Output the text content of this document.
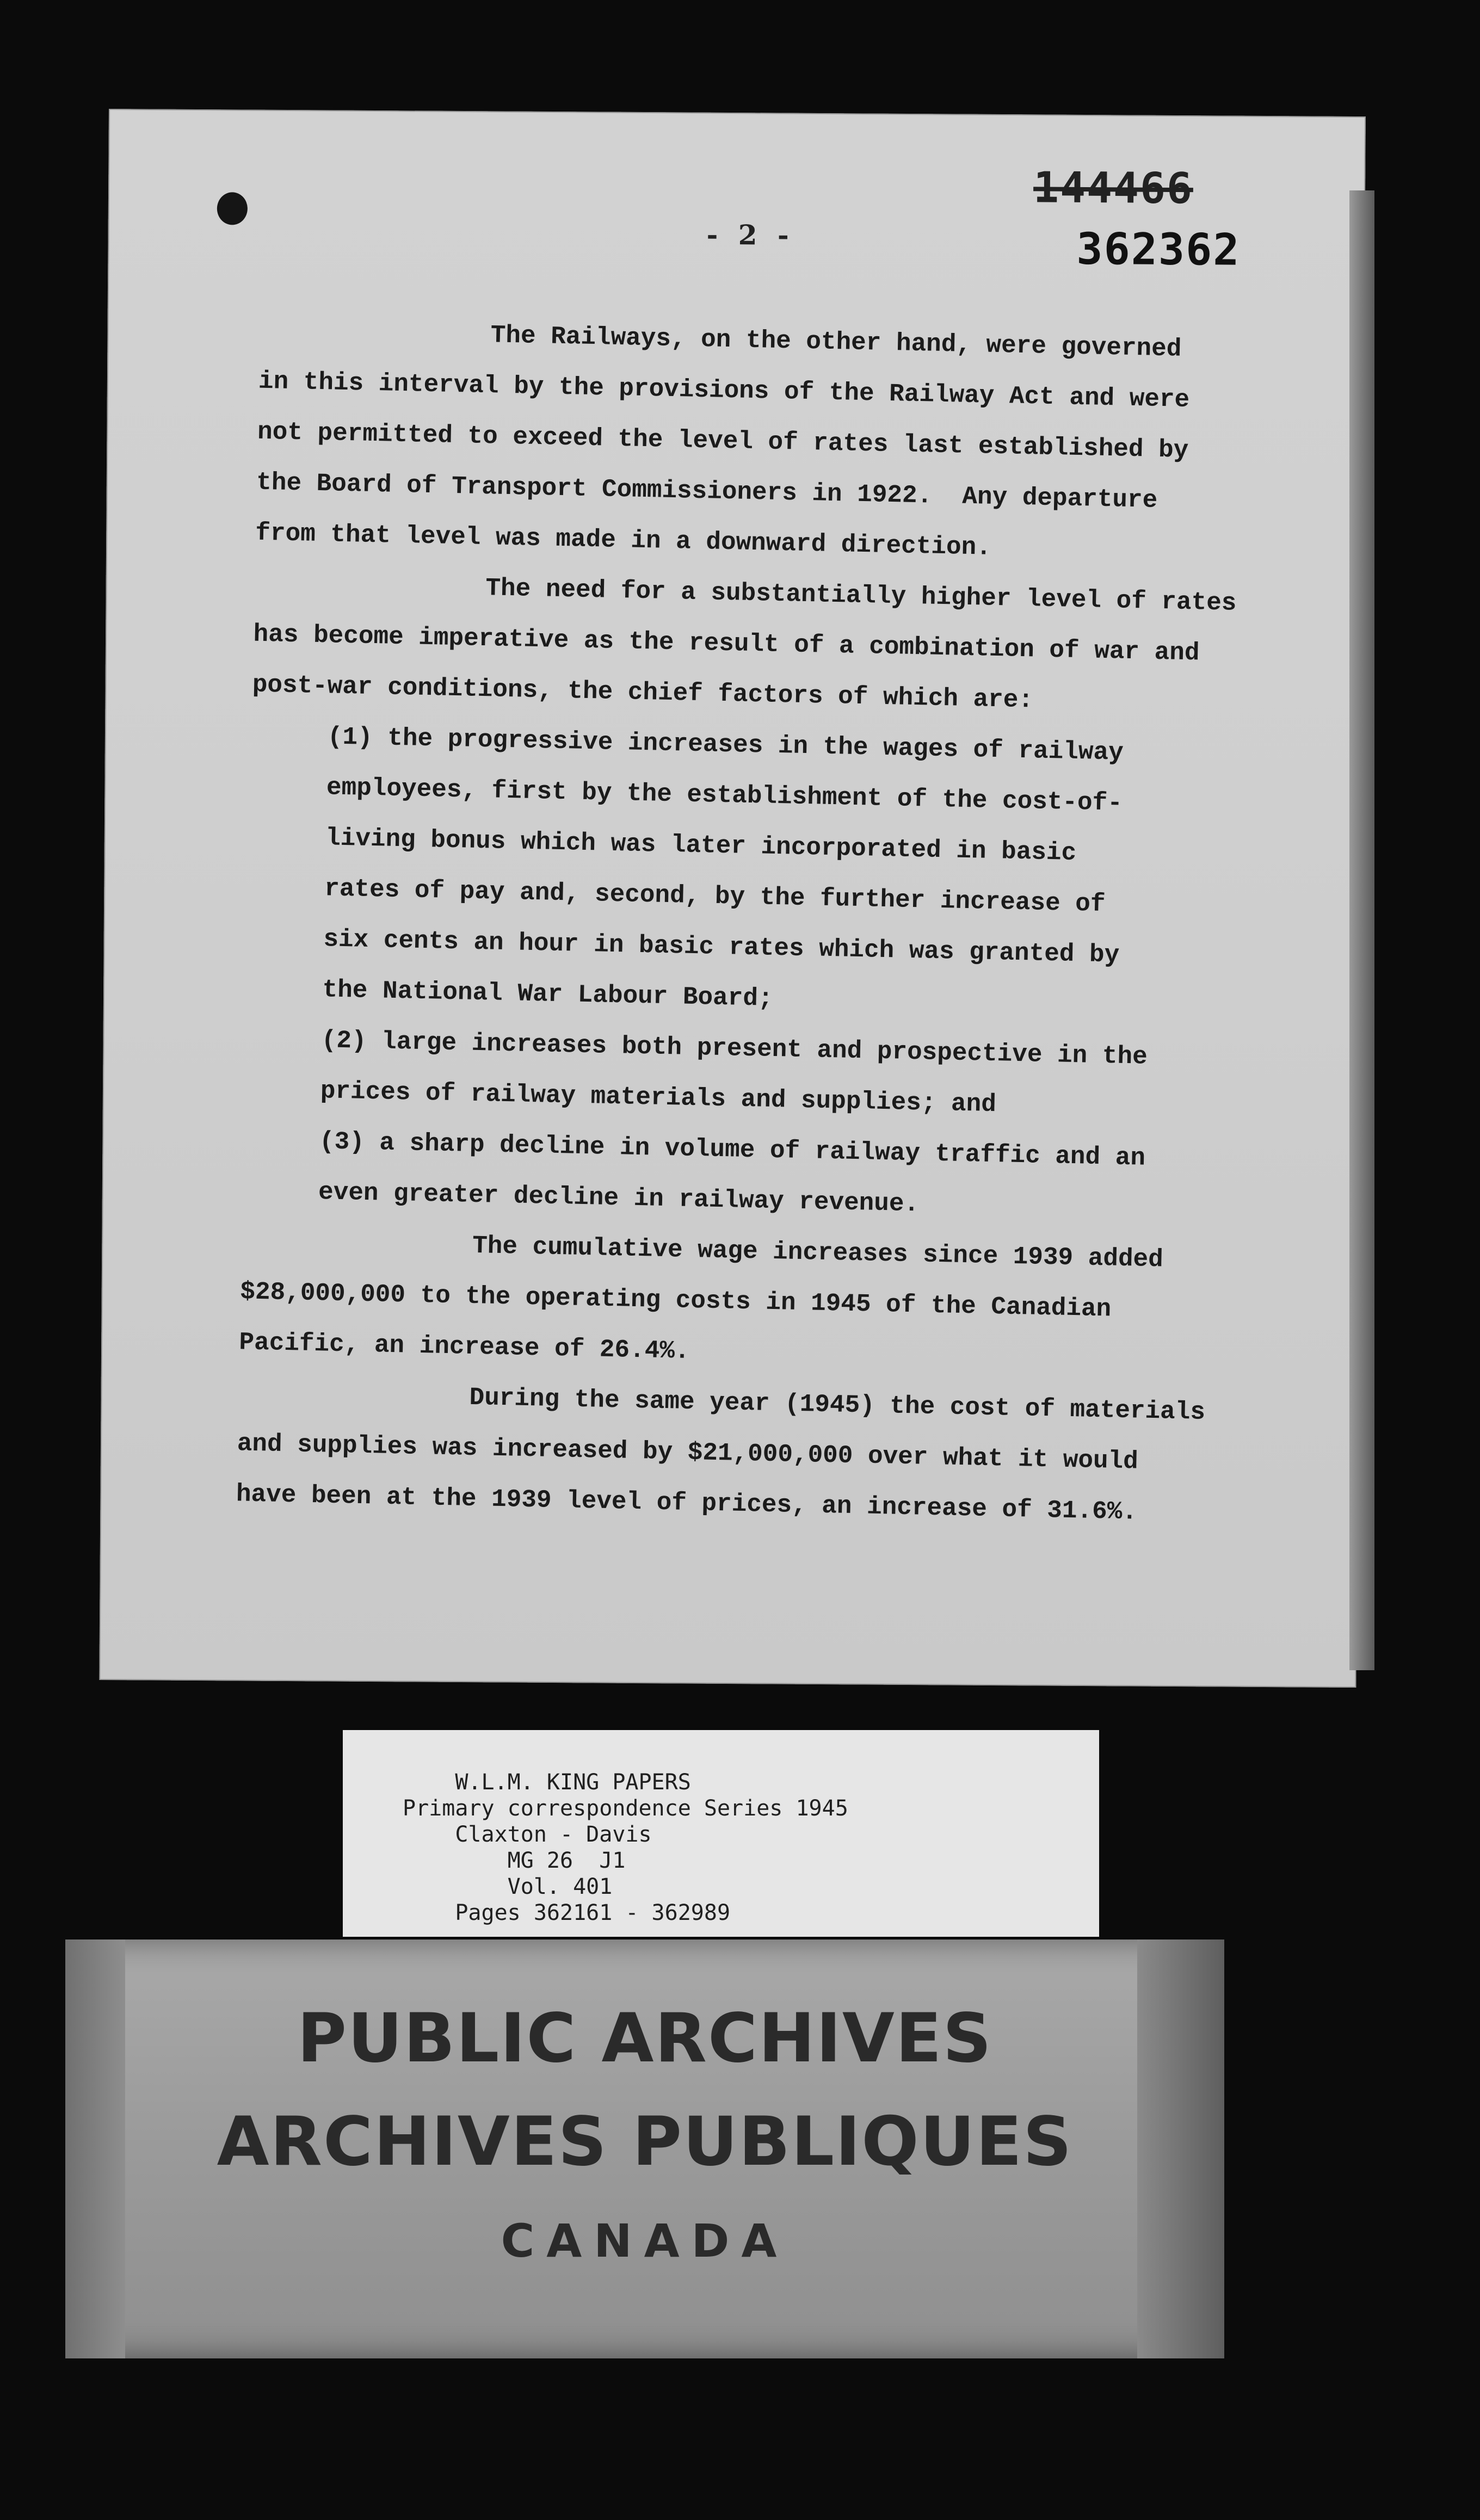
144466
362362
- 2 -
The Railways, on the other hand, were governed
in this interval by the provisions of the Railway Act and were
not permitted to exceed the level of rates last established by
the Board of Transport Commissioners in 1922.  Any departure
from that level was made in a downward direction.
The need for a substantially higher level of rates
has become imperative as the result of a combination of war and
post-war conditions, the chief factors of which are:
(1) the progressive increases in the wages of railway
employees, first by the establishment of the cost-of-
living bonus which was later incorporated in basic
rates of pay and, second, by the further increase of
six cents an hour in basic rates which was granted by
the National War Labour Board;
(2) large increases both present and prospective in the
prices of railway materials and supplies; and
(3) a sharp decline in volume of railway traffic and an
even greater decline in railway revenue.
The cumulative wage increases since 1939 added
$28,000,000 to the operating costs in 1945 of the Canadian
Pacific, an increase of 26.4%.
During the same year (1945) the cost of materials
and supplies was increased by $21,000,000 over what it would
have been at the 1939 level of prices, an increase of 31.6%.
W.L.M. KING PAPERS
Primary correspondence Series 1945
Claxton - Davis
MG 26  J1
Vol. 401
Pages 362161 - 362989
PUBLIC ARCHIVES
ARCHIVES PUBLIQUES
CANADA
